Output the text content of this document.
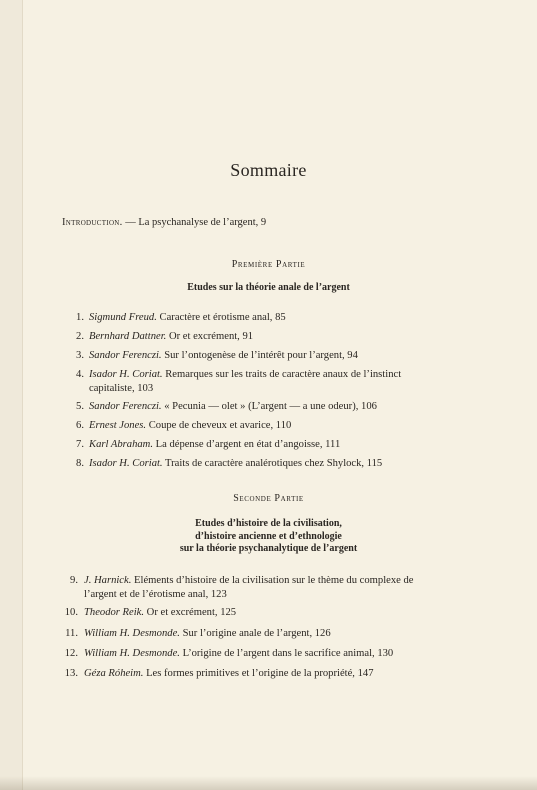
Sommaire
Introduction. — La psychanalyse de l’argent, 9
Première Partie
Etudes sur la théorie anale de l’argent
1. Sigmund Freud. Caractère et érotisme anal, 85
2. Bernhard Dattner. Or et excrément, 91
3. Sandor Ferenczi. Sur l’ontogenèse de l’intérêt pour l’argent, 94
4. Isador H. Coriat. Remarques sur les traits de caractère anaux de l’instinct capitaliste, 103
5. Sandor Ferenczi. « Pecunia — olet » (L’argent — a une odeur), 106
6. Ernest Jones. Coupe de cheveux et avarice, 110
7. Karl Abraham. La dépense d’argent en état d’angoisse, 111
8. Isador H. Coriat. Traits de caractère analérotiques chez Shylock, 115
Seconde Partie
Etudes d’histoire de la civilisation,
d’histoire ancienne et d’ethnologie
sur la théorie psychanalytique de l’argent
9. J. Harnick. Eléments d’histoire de la civilisation sur le thème du complexe de l’argent et de l’érotisme anal, 123
10. Theodor Reik. Or et excrément, 125
11. William H. Desmonde. Sur l’origine anale de l’argent, 126
12. William H. Desmonde. L’origine de l’argent dans le sacrifice animal, 130
13. Géza Róheim. Les formes primitives et l’origine de la propriété, 147
